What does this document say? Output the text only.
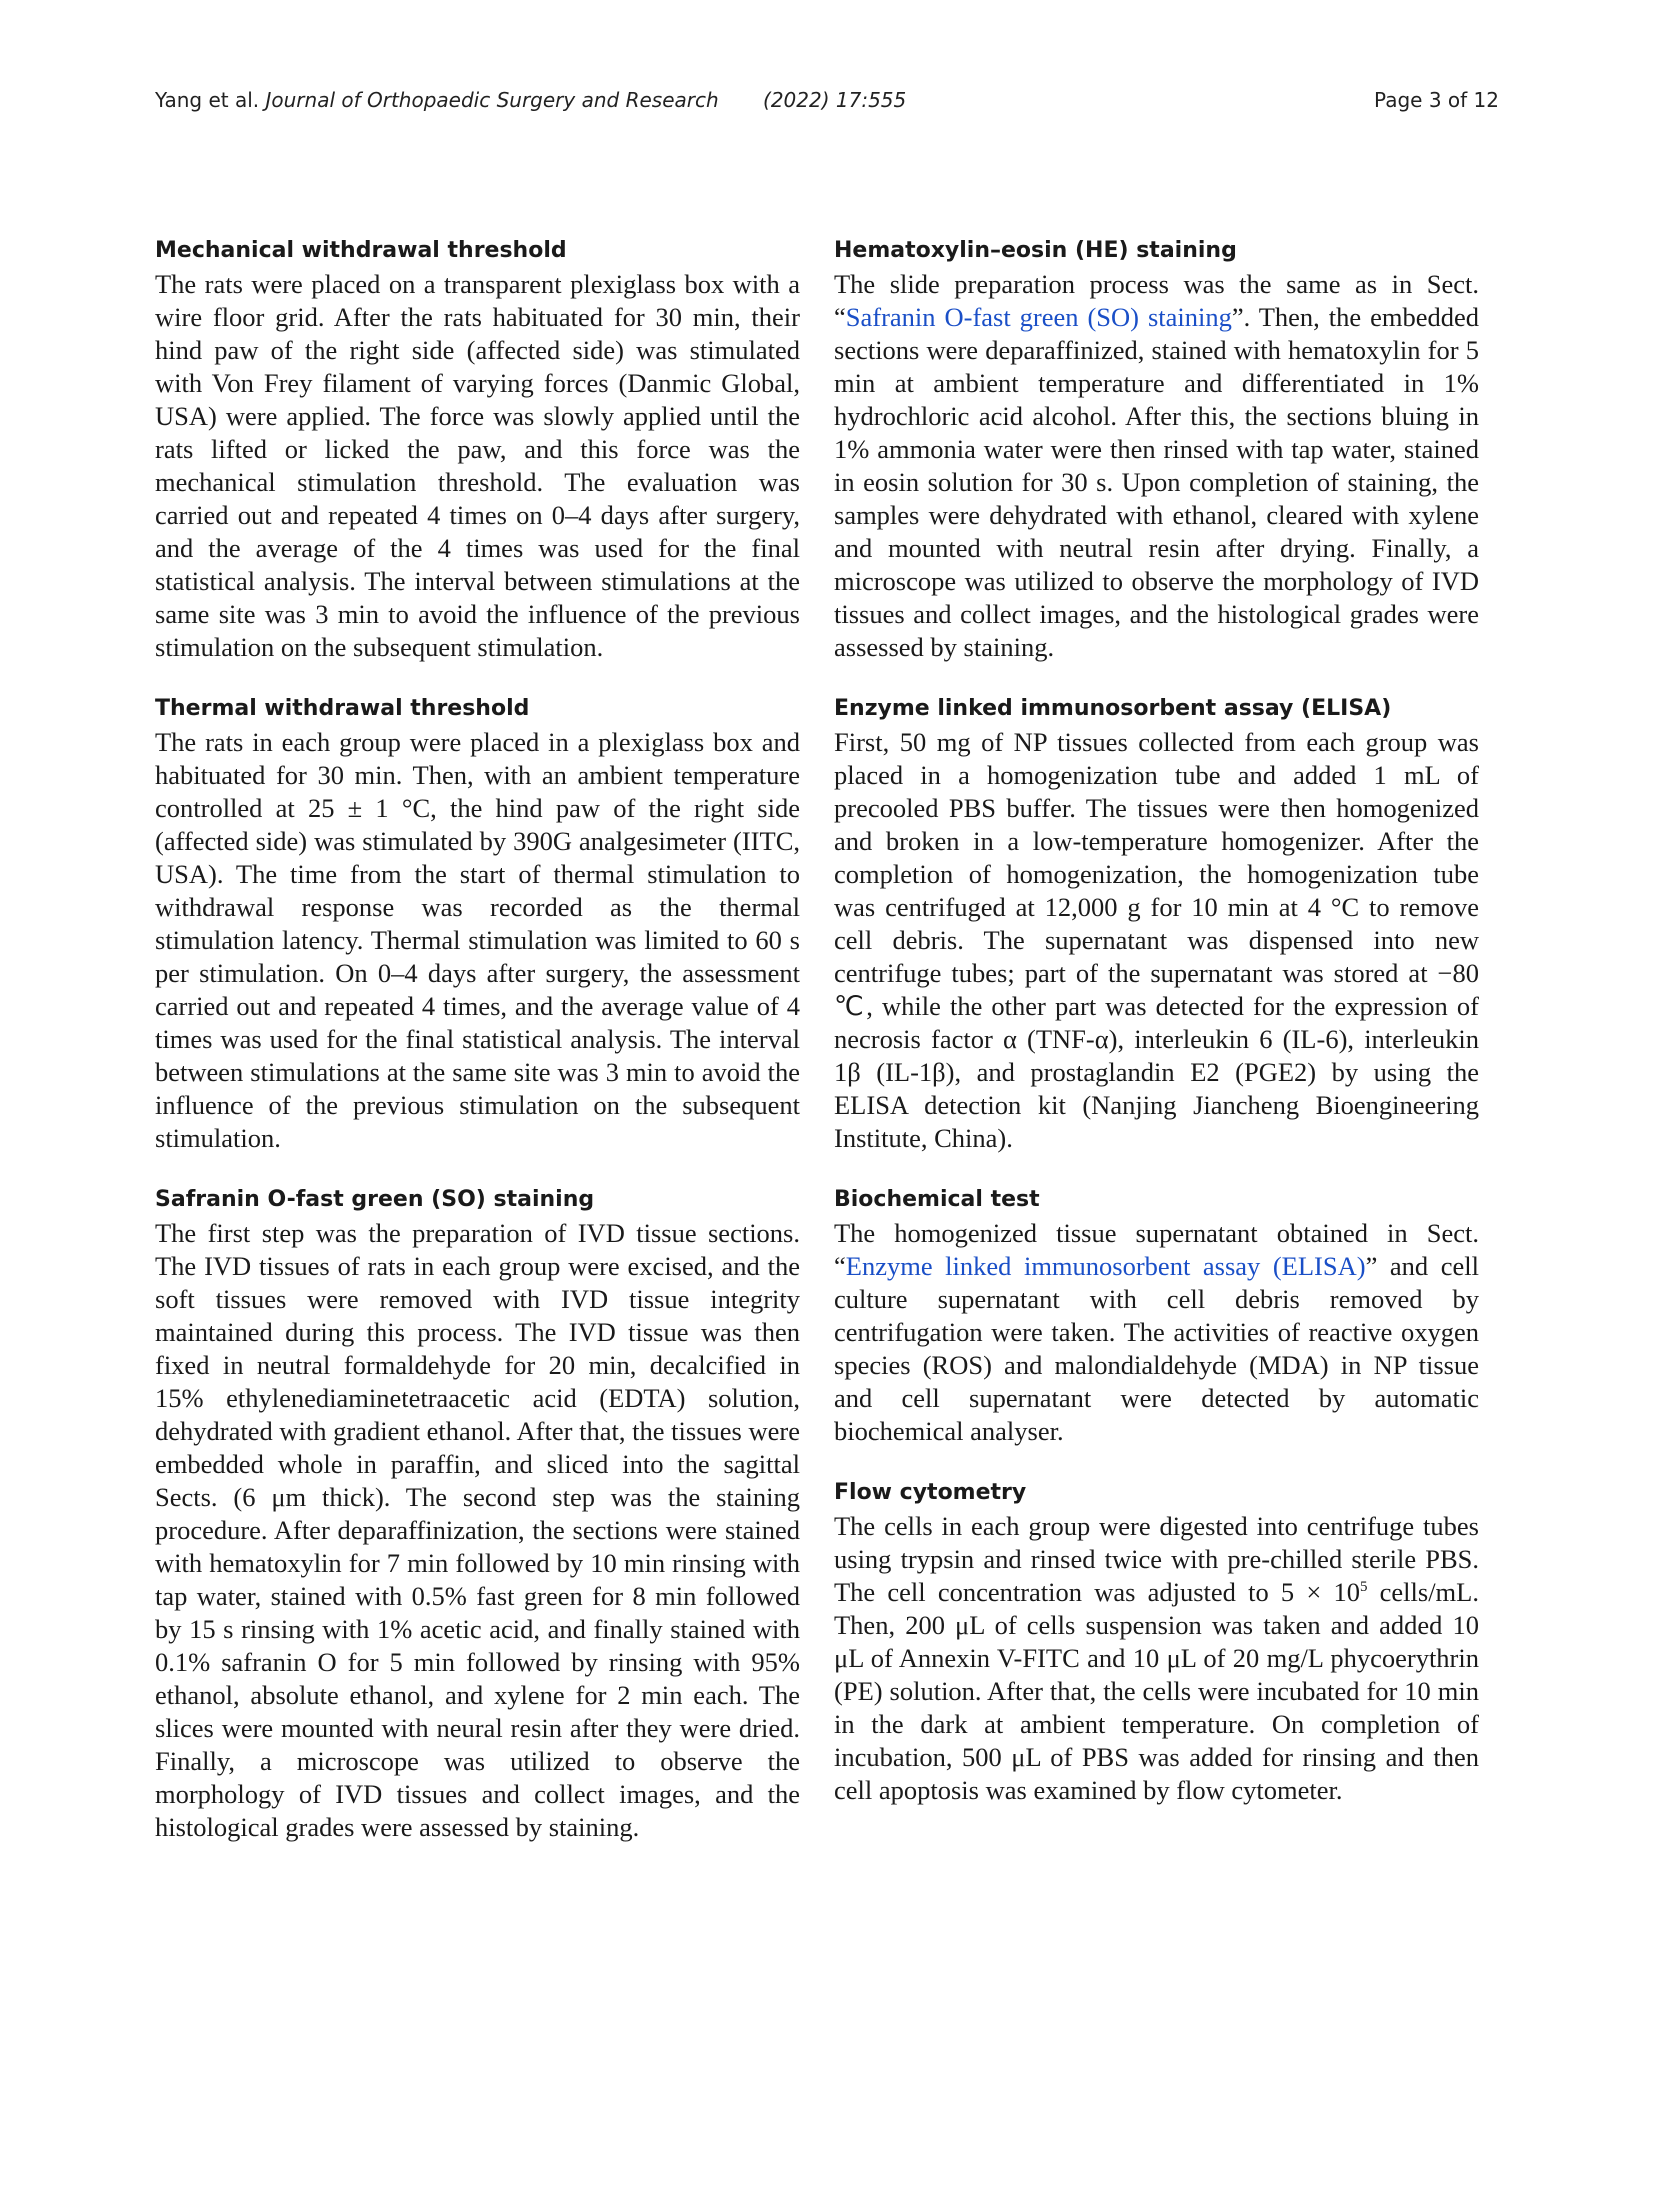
Yang et al. Journal of Orthopaedic Surgery and Research (2022) 17:555	Page 3 of 12
Mechanical withdrawal threshold

The rats were placed on a transparent plexiglass box with a wire floor grid. After the rats habituated for 30 min, their hind paw of the right side (affected side) was stimulated with Von Frey filament of varying forces (Danmic Global, USA) were applied. The force was slowly applied until the rats lifted or licked the paw, and this force was the mechanical stimulation threshold. The evaluation was carried out and repeated 4 times on 0–4 days after surgery, and the average of the 4 times was used for the final statistical analysis. The interval between stimulations at the same site was 3 min to avoid the influence of the previous stimulation on the subsequent stimulation.

Thermal withdrawal threshold

The rats in each group were placed in a plexiglass box and habituated for 30 min. Then, with an ambient temperature controlled at 25 ± 1 °C, the hind paw of the right side (affected side) was stimulated by 390G analgesimeter (IITC, USA). The time from the start of thermal stimulation to withdrawal response was recorded as the thermal stimulation latency. Thermal stimulation was limited to 60 s per stimulation. On 0–4 days after surgery, the assessment carried out and repeated 4 times, and the average value of 4 times was used for the final statistical analysis. The interval between stimulations at the same site was 3 min to avoid the influence of the previous stimulation on the subsequent stimulation.

Safranin O-fast green (SO) staining

The first step was the preparation of IVD tissue sections. The IVD tissues of rats in each group were excised, and the soft tissues were removed with IVD tissue integrity maintained during this process. The IVD tissue was then fixed in neutral formaldehyde for 20 min, decalcified in 15% ethylenediaminetetraacetic acid (EDTA) solution, dehydrated with gradient ethanol. After that, the tissues were embedded whole in paraffin, and sliced into the sagittal Sects. (6 μm thick). The second step was the staining procedure. After deparaffinization, the sections were stained with hematoxylin for 7 min followed by 10 min rinsing with tap water, stained with 0.5% fast green for 8 min followed by 15 s rinsing with 1% acetic acid, and finally stained with 0.1% safranin O for 5 min followed by rinsing with 95% ethanol, absolute ethanol, and xylene for 2 min each. The slices were mounted with neural resin after they were dried. Finally, a microscope was utilized to observe the morphology of IVD tissues and collect images, and the histological grades were assessed by staining.

Hematoxylin–eosin (HE) staining

The slide preparation process was the same as in Sect. “Safranin O-fast green (SO) staining”. Then, the embedded sections were deparaffinized, stained with hematoxylin for 5 min at ambient temperature and differentiated in 1% hydrochloric acid alcohol. After this, the sections bluing in 1% ammonia water were then rinsed with tap water, stained in eosin solution for 30 s. Upon completion of staining, the samples were dehydrated with ethanol, cleared with xylene and mounted with neutral resin after drying. Finally, a microscope was utilized to observe the morphology of IVD tissues and collect images, and the histological grades were assessed by staining.

Enzyme linked immunosorbent assay (ELISA)

First, 50 mg of NP tissues collected from each group was placed in a homogenization tube and added 1 mL of precooled PBS buffer. The tissues were then homogenized and broken in a low-temperature homogenizer. After the completion of homogenization, the homogenization tube was centrifuged at 12,000 g for 10 min at 4 °C to remove cell debris. The supernatant was dispensed into new centrifuge tubes; part of the supernatant was stored at −80 ℃, while the other part was detected for the expression of necrosis factor α (TNF-α), interleukin 6 (IL-6), interleukin 1β (IL-1β), and prostaglandin E2 (PGE2) by using the ELISA detection kit (Nanjing Jiancheng Bioengineering Institute, China).

Biochemical test

The homogenized tissue supernatant obtained in Sect. “Enzyme linked immunosorbent assay (ELISA)” and cell culture supernatant with cell debris removed by centrifugation were taken. The activities of reactive oxygen species (ROS) and malondialdehyde (MDA) in NP tissue and cell supernatant were detected by automatic biochemical analyser.

Flow cytometry

The cells in each group were digested into centrifuge tubes using trypsin and rinsed twice with pre-chilled sterile PBS. The cell concentration was adjusted to $5 \times 10^5$ cells/mL. Then, 200 μL of cells suspension was taken and added 10 μL of Annexin V-FITC and 10 μL of 20 mg/L phycoerythrin (PE) solution. After that, the cells were incubated for 10 min in the dark at ambient temperature. On completion of incubation, 500 μL of PBS was added for rinsing and then cell apoptosis was examined by flow cytometer.
